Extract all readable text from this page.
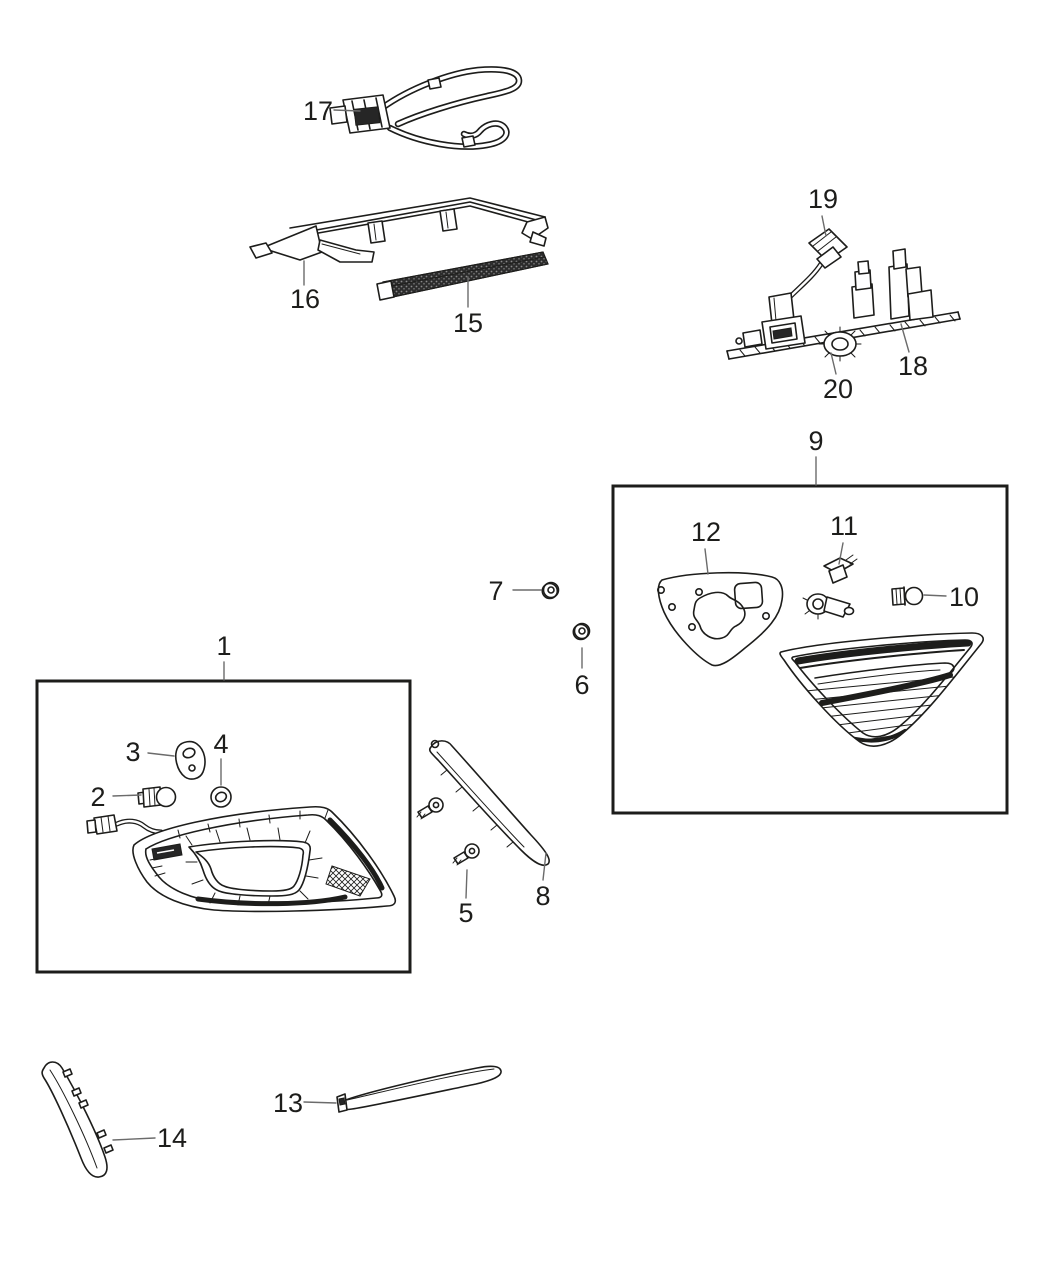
17
16
15
19
18
20
9
12	11
10
7
6
1
3	4
2
8
5
14
13
